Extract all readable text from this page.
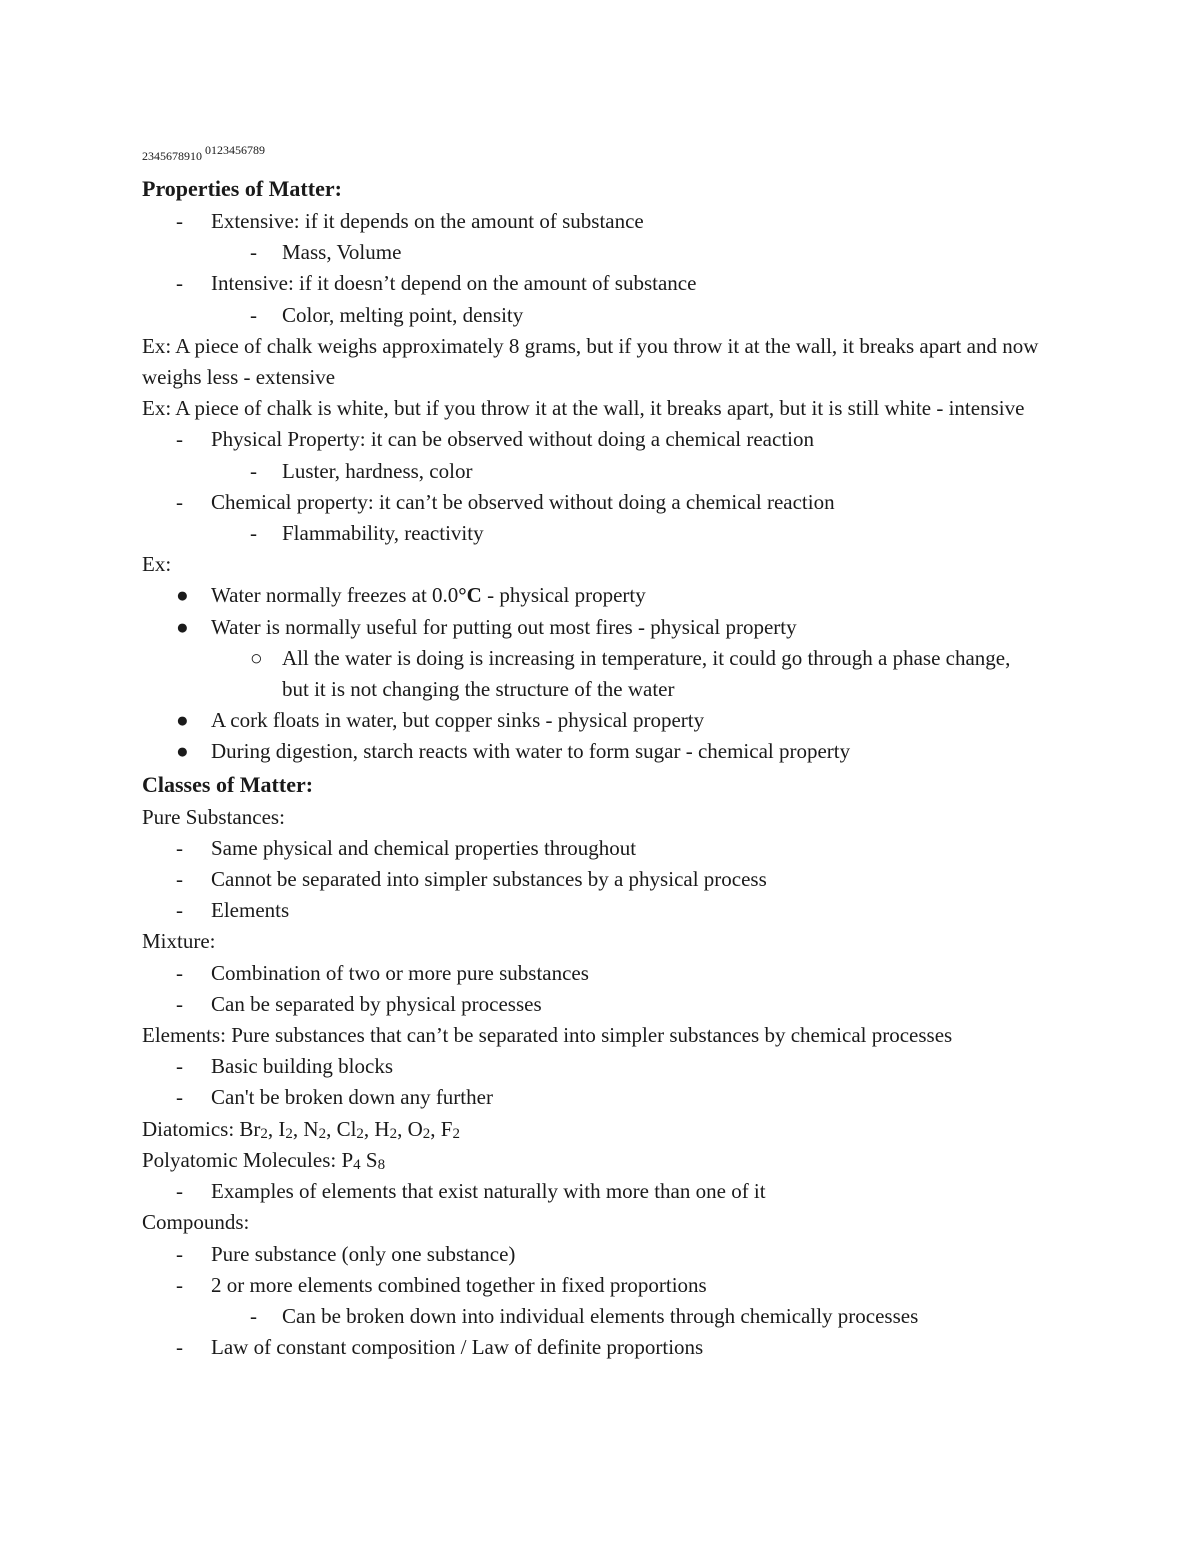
2345678910 0123456789
Properties of Matter:
- Extensive: if it depends on the amount of substance
- Mass, Volume
- Intensive: if it doesn’t depend on the amount of substance
- Color, melting point, density
Ex: A piece of chalk weighs approximately 8 grams, but if you throw it at the wall, it breaks apart and now weighs less - extensive
Ex: A piece of chalk is white, but if you throw it at the wall, it breaks apart, but it is still white - intensive
- Physical Property: it can be observed without doing a chemical reaction
- Luster, hardness, color
- Chemical property: it can’t be observed without doing a chemical reaction
- Flammability, reactivity
Ex:
● Water normally freezes at 0.0°C - physical property
● Water is normally useful for putting out most fires - physical property
○ All the water is doing is increasing in temperature, it could go through a phase change, but it is not changing the structure of the water
● A cork floats in water, but copper sinks - physical property
● During digestion, starch reacts with water to form sugar - chemical property
Classes of Matter:
Pure Substances:
- Same physical and chemical properties throughout
- Cannot be separated into simpler substances by a physical process
- Elements
Mixture:
- Combination of two or more pure substances
- Can be separated by physical processes
Elements: Pure substances that can’t be separated into simpler substances by chemical processes
- Basic building blocks
- Can't be broken down any further
Diatomics: $Br_2$, $I_2$, $N_2$, $Cl_2$, $H_2$, $O_2$, $F_2$
Polyatomic Molecules: $P_4$ $S_8$
- Examples of elements that exist naturally with more than one of it
Compounds:
- Pure substance (only one substance)
- 2 or more elements combined together in fixed proportions
- Can be broken down into individual elements through chemically processes
- Law of constant composition / Law of definite proportions
